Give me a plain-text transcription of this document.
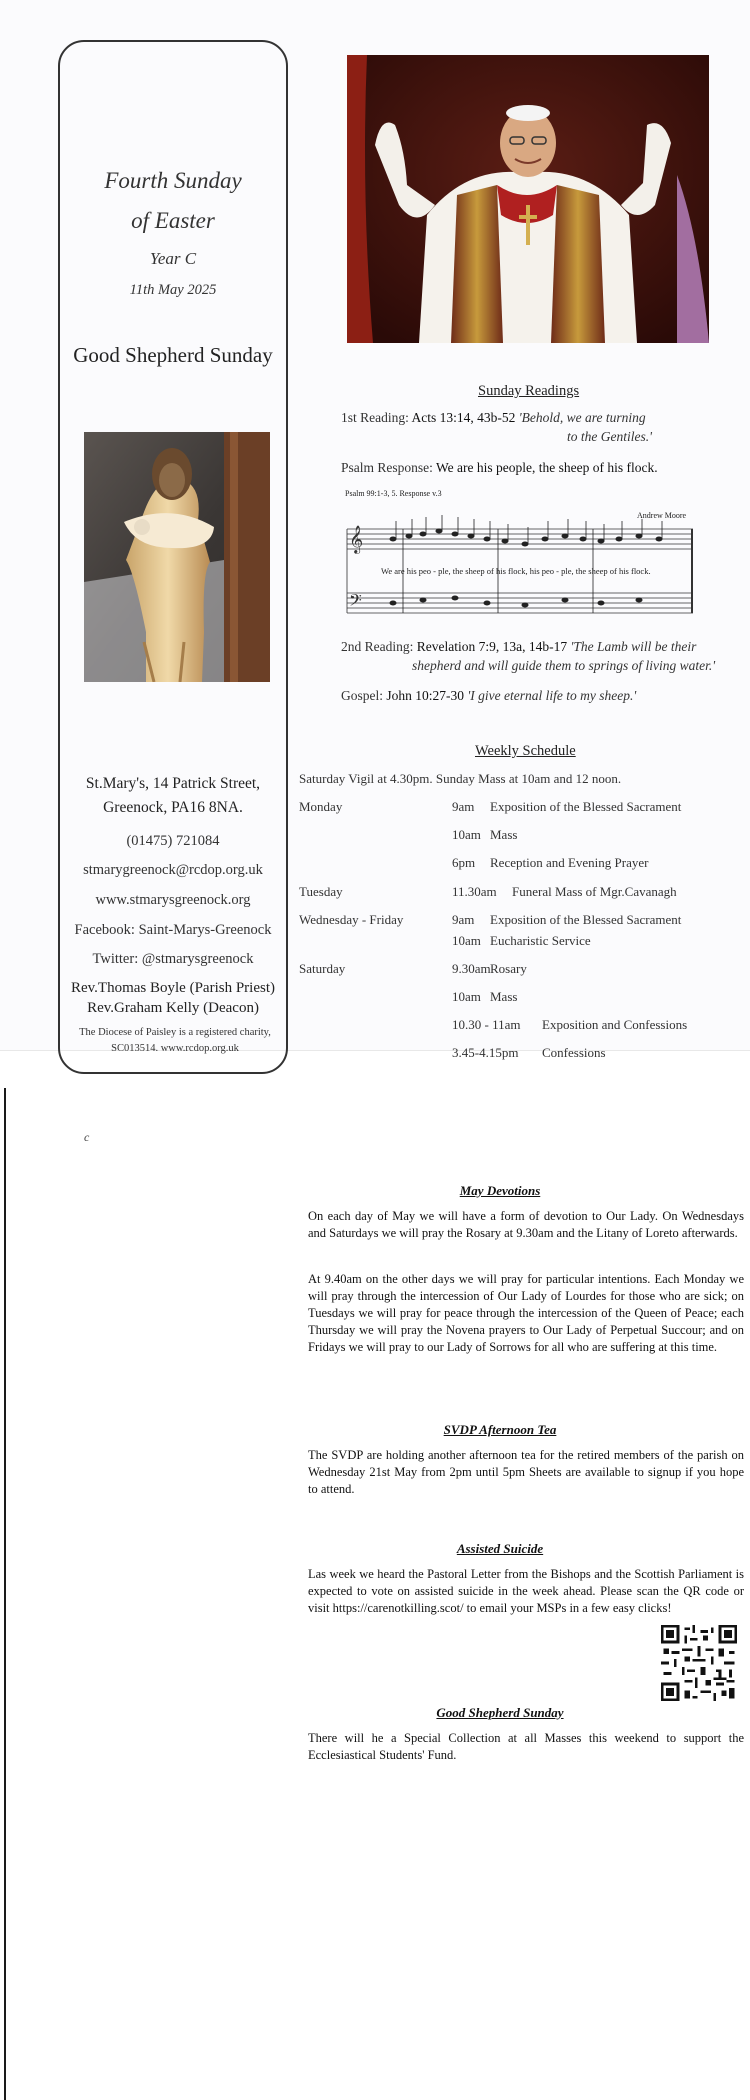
Fourth Sunday
of Easter
Year C
11th May 2025
Good Shepherd Sunday
St.Mary's, 14 Patrick Street,
Greenock, PA16 8NA.
(01475) 721084
stmarygreenock@rcdop.org.uk
www.stmarysgreenock.org
Facebook: Saint-Marys-Greenock
Twitter: @stmarysgreenock
Rev.Thomas Boyle (Parish Priest)
Rev.Graham Kelly (Deacon)
The Diocese of Paisley is a registered charity,
SC013514. www.rcdop.org.uk
Sunday Readings
1st Reading: Acts 13:14, 43b-52 'Behold, we are turning
to the Gentiles.'
Psalm Response: We are his people, the sheep of his flock.
Psalm 99:1-3, 5. Response v.3
Andrew Moore
𝄞
𝄢
We are his peo - ple, the sheep of his flock, his peo - ple, the sheep of his flock.
2nd Reading: Revelation 7:9, 13a, 14b-17 'The Lamb will be their
shepherd and will guide them to springs of living water.'
Gospel: John 10:27-30 'I give eternal life to my sheep.'
Weekly Schedule
Saturday Vigil at 4.30pm. Sunday Mass at 10am and 12 noon.
Monday	9am Exposition of the Blessed Sacrament
10am Mass
6pm Reception and Evening Prayer
Tuesday	11.30am Funeral Mass of Mgr.Cavanagh
Wednesday - Friday	9am Exposition of the Blessed Sacrament
10am Eucharistic Service
Saturday	9.30am Rosary
10am Mass
10.30 - 11am Exposition and Confessions
3.45-4.15pm Confessions
c
May Devotions

On each day of May we will have a form of devotion to Our Lady. On Wednesdays and Saturdays we will pray the Rosary at 9.30am and the Litany of Loreto afterwards.

At 9.40am on the other days we will pray for particular intentions. Each Monday we will pray through the intercession of Our Lady of Lourdes for those who are sick; on Tuesdays we will pray for peace through the intercession of the Queen of Peace; each Thursday we will pray the Novena prayers to Our Lady of Perpetual Succour; and on Fridays we will pray to our Lady of Sorrows for all who are suffering at this time.

SVDP Afternoon Tea

The SVDP are holding another afternoon tea for the retired members of the parish on Wednesday 21st May from 2pm until 5pm Sheets are available to signup if you hope to attend.

Assisted Suicide

Las week we heard the Pastoral Letter from the Bishops and the Scottish Parliament is expected to vote on assisted suicide in the week ahead. Please scan the QR code or visit https://carenotkilling.scot/ to email your MSPs in a few easy clicks!

Good Shepherd Sunday

There will he a Special Collection at all Masses this weekend to support the Ecclesiastical Students' Fund.
